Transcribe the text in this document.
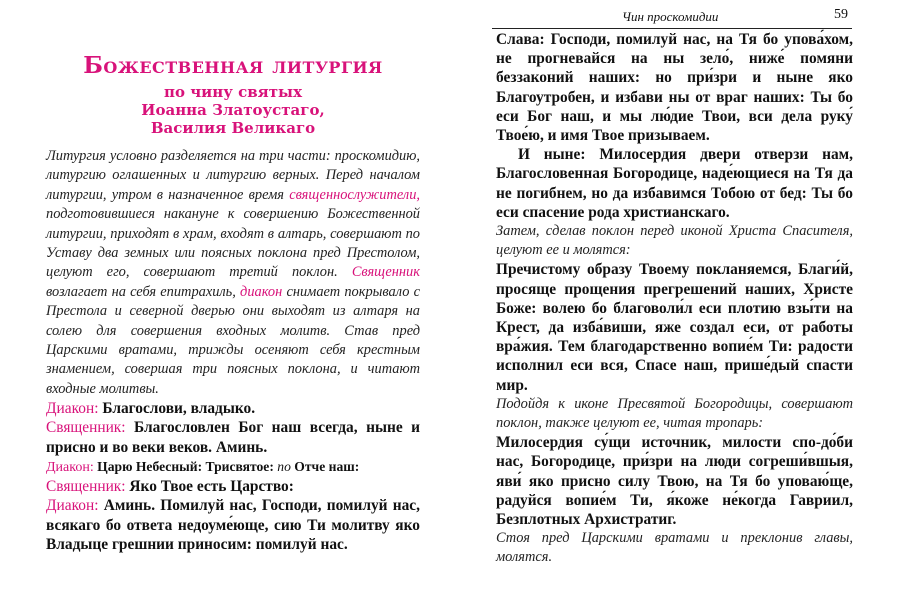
Божественная литургия

по чину святых

Иоанна Златоустаго,

Василия Великаго

Литургия условно разделяется на три части: проскомидию, литургию оглашенных и литургию верных. Перед началом литургии, утром в назначенное время священнослужители, подготовившиеся накануне к совершению Божественной литургии, приходят в храм, входят в алтарь, совершают по Уставу два земных или поясных поклона пред Престолом, целуют его, совершают третий поклон. Священник возлагает на себя епитрахиль, диакон снимает покрывало с Престола и северной дверью они выходят из алтаря на солею для совершения входных молитв. Став пред Царскими вратами, трижды осеняют себя крестным знамением, совершая три поясных поклона, и читают входные молитвы.

Диакон: Благослови, владыко.

Священник: Благословлен Бог наш всегда, ныне и присно и во веки веков. Аминь.

Диакон: Царю Небесный: Трисвятое: по Отче наш:

Священник: Яко Твое есть Царство:

Диакон: Аминь. Помилуй нас, Господи, помилуй нас, всякаго бо ответа недоуме́юще, сию Ти молитву яко Владыце грешнии приносим: помилуй нас.

Чин проскомидии	59

Слава: Господи, помилуй нас, на Тя бо упова́хом, не прогневайся на ны зело́, ниже́ помяни беззаконий наших: но при́зри и ныне яко Благоутробен, и избави ны от враг наших: Ты бо еси Бог наш, и мы лю́дие Твои, вси дела руку́ Твое́ю, и имя Твое призываем.

И ныне: Милосердия двери отверзи нам, Благословенная Богородице, наде́ющиеся на Тя да не погибнем, но да избавимся Тобою от бед: Ты бо еси спасение рода христианскаго.

Затем, сделав поклон перед иконой Христа Спасителя, целуют ее и молятся:

Пречистому образу Твоему покланяемся, Благи́й, просяще прощения прегрешений наших, Христе Боже: волею бо благоволи́л еси плотию взы́ти на Крест, да изба́виши, яже создал еси, от работы вра́жия. Тем благодарственно вопие́м Ти: радости исполнил еси вся, Спасе наш, прише́дый спасти мир.

Подойдя к иконе Пресвятой Богородицы, совершают поклон, также целуют ее, читая тропарь:

Милосердия су́щи источник, милости спо-до́би нас, Богородице, при́зри на люди согреши́вшыя, яви́ яко присно силу Твою, на Тя бо уповаю́ще, радуйся вопие́м Ти, я́коже не́когда Гавриил, Безплотных Архистратиг.

Стоя пред Царскими вратами и преклонив главы, молятся.
